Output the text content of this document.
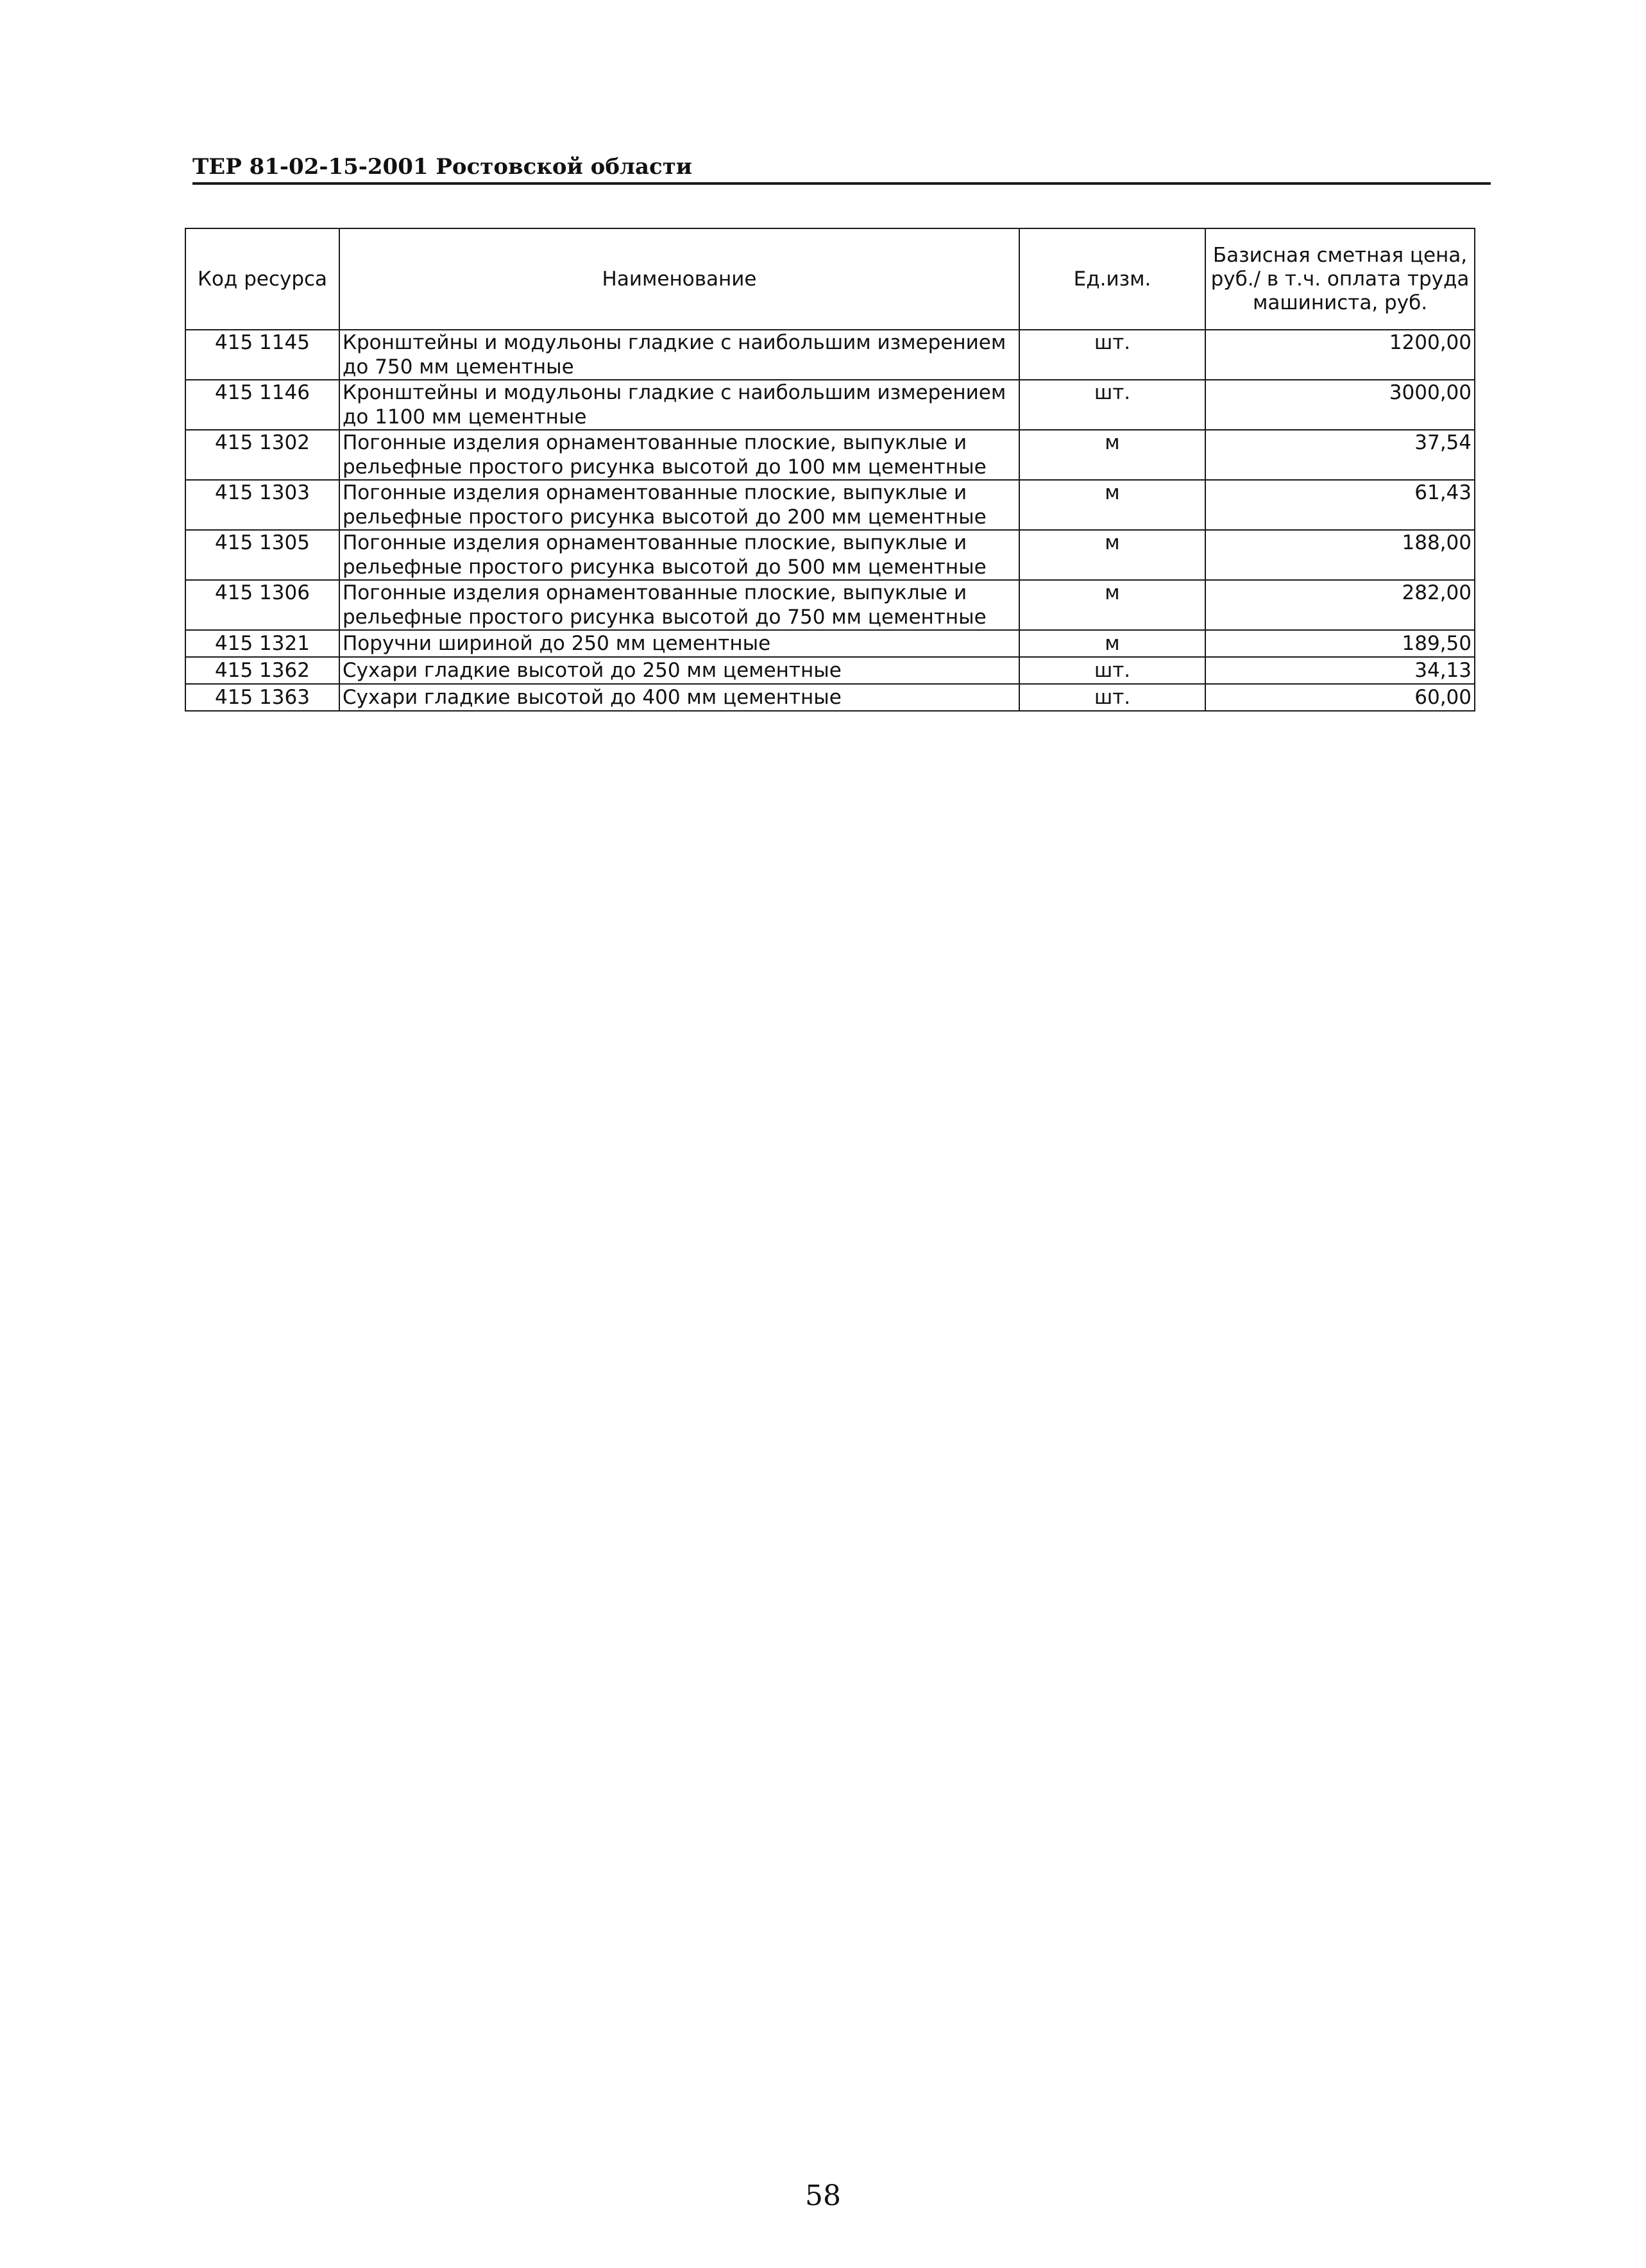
ТЕР 81-02-15-2001 Ростовской области
Код ресурса	Наименование	Ед.изм.	Базисная сметная цена, руб./ в т.ч. оплата труда машиниста, руб.
415 1145	Кронштейны и модульоны гладкие с наибольшим измерением до 750 мм цементные	шт.	1200,00
415 1146	Кронштейны и модульоны гладкие с наибольшим измерением до 1100 мм цементные	шт.	3000,00
415 1302	Погонные изделия орнаментованные плоские, выпуклые и рельефные простого рисунка высотой до 100 мм цементные	м	37,54
415 1303	Погонные изделия орнаментованные плоские, выпуклые и рельефные простого рисунка высотой до 200 мм цементные	м	61,43
415 1305	Погонные изделия орнаментованные плоские, выпуклые и рельефные простого рисунка высотой до 500 мм цементные	м	188,00
415 1306	Погонные изделия орнаментованные плоские, выпуклые и рельефные простого рисунка высотой до 750 мм цементные	м	282,00
415 1321	Поручни шириной до 250 мм цементные	м	189,50
415 1362	Сухари гладкие высотой до 250 мм цементные	шт.	34,13
415 1363	Сухари гладкие высотой до 400 мм цементные	шт.	60,00
58
